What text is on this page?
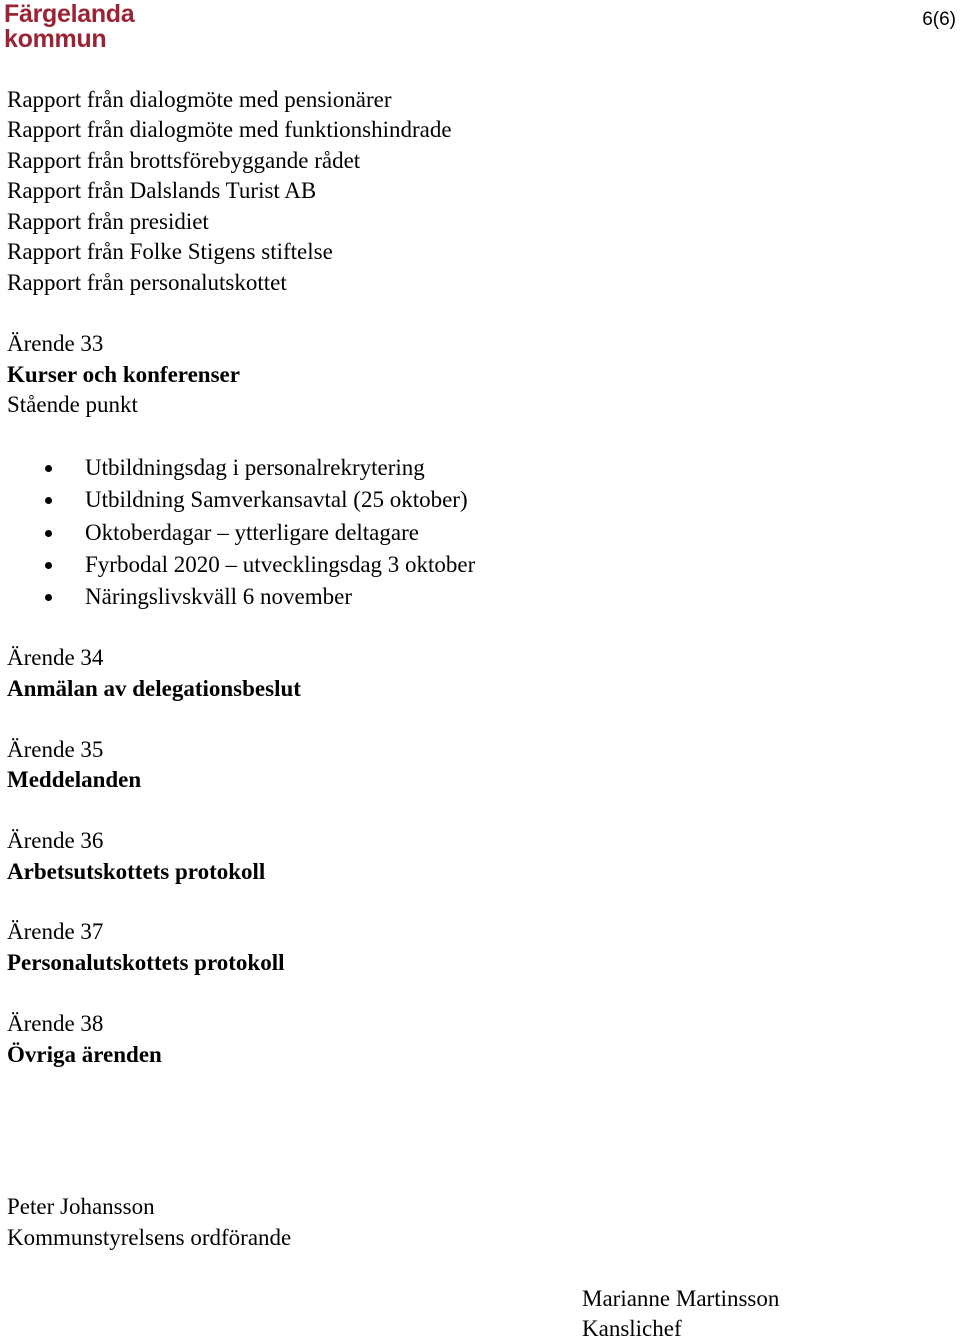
Färgelanda
kommun
6(6)
Rapport från dialogmöte med pensionärer
Rapport från dialogmöte med funktionshindrade
Rapport från brottsförebyggande rådet
Rapport från Dalslands Turist AB
Rapport från presidiet
Rapport från Folke Stigens stiftelse
Rapport från personalutskottet
Ärende 33
Kurser och konferenser
Stående punkt
Utbildningsdag i personalrekrytering
Utbildning Samverkansavtal (25 oktober)
Oktoberdagar – ytterligare deltagare
Fyrbodal 2020 – utvecklingsdag 3 oktober
Näringslivskväll 6 november
Ärende 34
Anmälan av delegationsbeslut
Ärende 35
Meddelanden
Ärende 36
Arbetsutskottets protokoll
Ärende 37
Personalutskottets protokoll
Ärende 38
Övriga ärenden
Peter Johansson
Kommunstyrelsens ordförande
Marianne Martinsson
Kanslichef
